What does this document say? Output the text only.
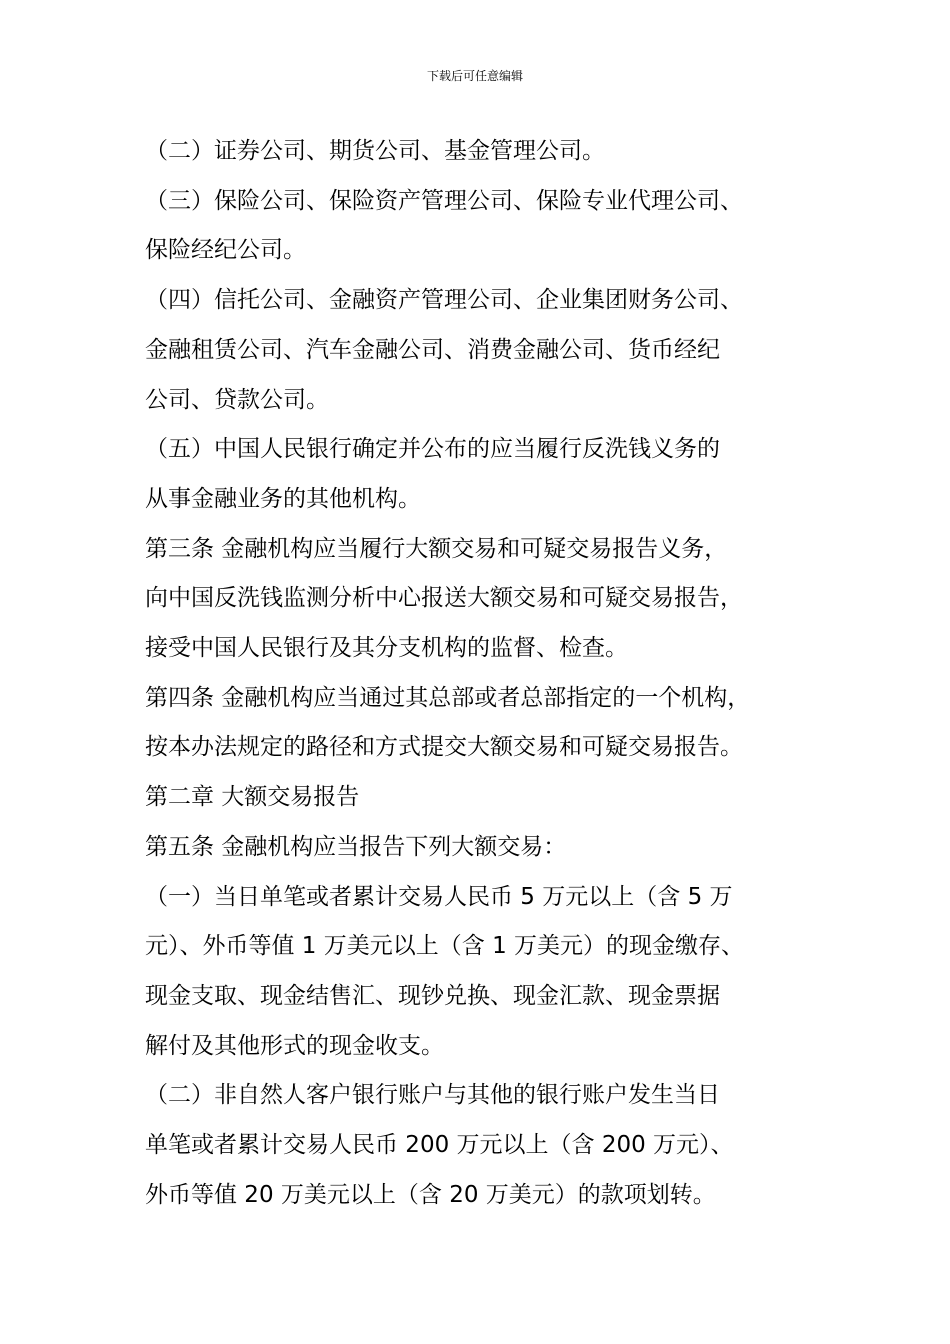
下载后可任意编辑
（二）证券公司、期货公司、基金管理公司。
（三）保险公司、保险资产管理公司、保险专业代理公司、
保险经纪公司。
（四）信托公司、金融资产管理公司、企业集团财务公司、
金融租赁公司、汽车金融公司、消费金融公司、货币经纪
公司、贷款公司。
（五）中国人民银行确定并公布的应当履行反洗钱义务的
从事金融业务的其他机构。
第三条 金融机构应当履行大额交易和可疑交易报告义务，
向中国反洗钱监测分析中心报送大额交易和可疑交易报告，
接受中国人民银行及其分支机构的监督、检查。
第四条 金融机构应当通过其总部或者总部指定的一个机构，
按本办法规定的路径和方式提交大额交易和可疑交易报告。
第二章 大额交易报告
第五条 金融机构应当报告下列大额交易：
（一）当日单笔或者累计交易人民币 5 万元以上（含 5 万
元）、外币等值 1 万美元以上（含 1 万美元）的现金缴存、
现金支取、现金结售汇、现钞兑换、现金汇款、现金票据
解付及其他形式的现金收支。
（二）非自然人客户银行账户与其他的银行账户发生当日
单笔或者累计交易人民币 200 万元以上（含 200 万元）、
外币等值 20 万美元以上（含 20 万美元）的款项划转。
